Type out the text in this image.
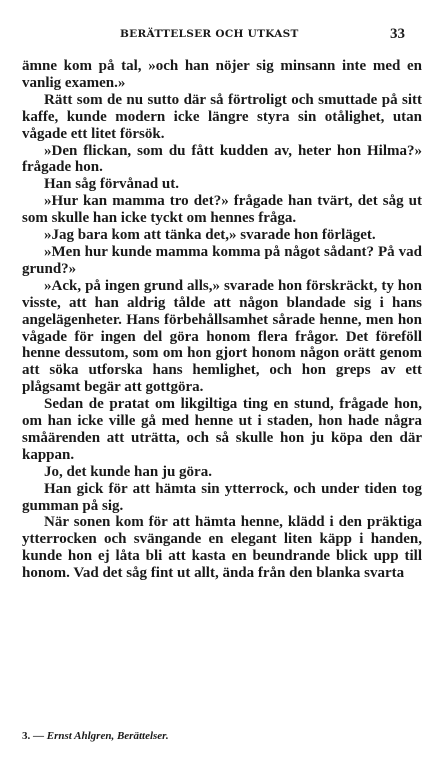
BERÄTTELSER OCH UTKAST	33
ämne kom på tal, »och han nöjer sig minsann inte med en vanlig examen.»
Rätt som de nu sutto där så förtroligt och smuttade på sitt kaffe, kunde modern icke längre styra sin otålighet, utan vågade ett litet försök.
»Den flickan, som du fått kudden av, heter hon Hilma?» frågade hon.
Han såg förvånad ut.
»Hur kan mamma tro det?» frågade han tvärt, det såg ut som skulle han icke tyckt om hennes fråga.
»Jag bara kom att tänka det,» svarade hon förläget.
»Men hur kunde mamma komma på något sådant? På vad grund?»
»Ack, på ingen grund alls,» svarade hon förskräckt, ty hon visste, att han aldrig tålde att någon blandade sig i hans angelägenheter. Hans förbehållsamhet sårade henne, men hon vågade för ingen del göra honom flera frågor. Det föreföll henne dessutom, som om hon gjort honom någon orätt genom att söka utforska hans hemlighet, och hon greps av ett plågsamt begär att gottgöra.
Sedan de pratat om likgiltiga ting en stund, frågade hon, om han icke ville gå med henne ut i staden, hon hade några småärenden att uträtta, och så skulle hon ju köpa den där kappan.
Jo, det kunde han ju göra.
Han gick för att hämta sin ytterrock, och under tiden tog gumman på sig.
När sonen kom för att hämta henne, klädd i den präktiga ytterrocken och svängande en elegant liten käpp i handen, kunde hon ej låta bli att kasta en beundrande blick upp till honom. Vad det såg fint ut allt, ända från den blanka svarta
3. — Ernst Ahlgren, Berättelser.
